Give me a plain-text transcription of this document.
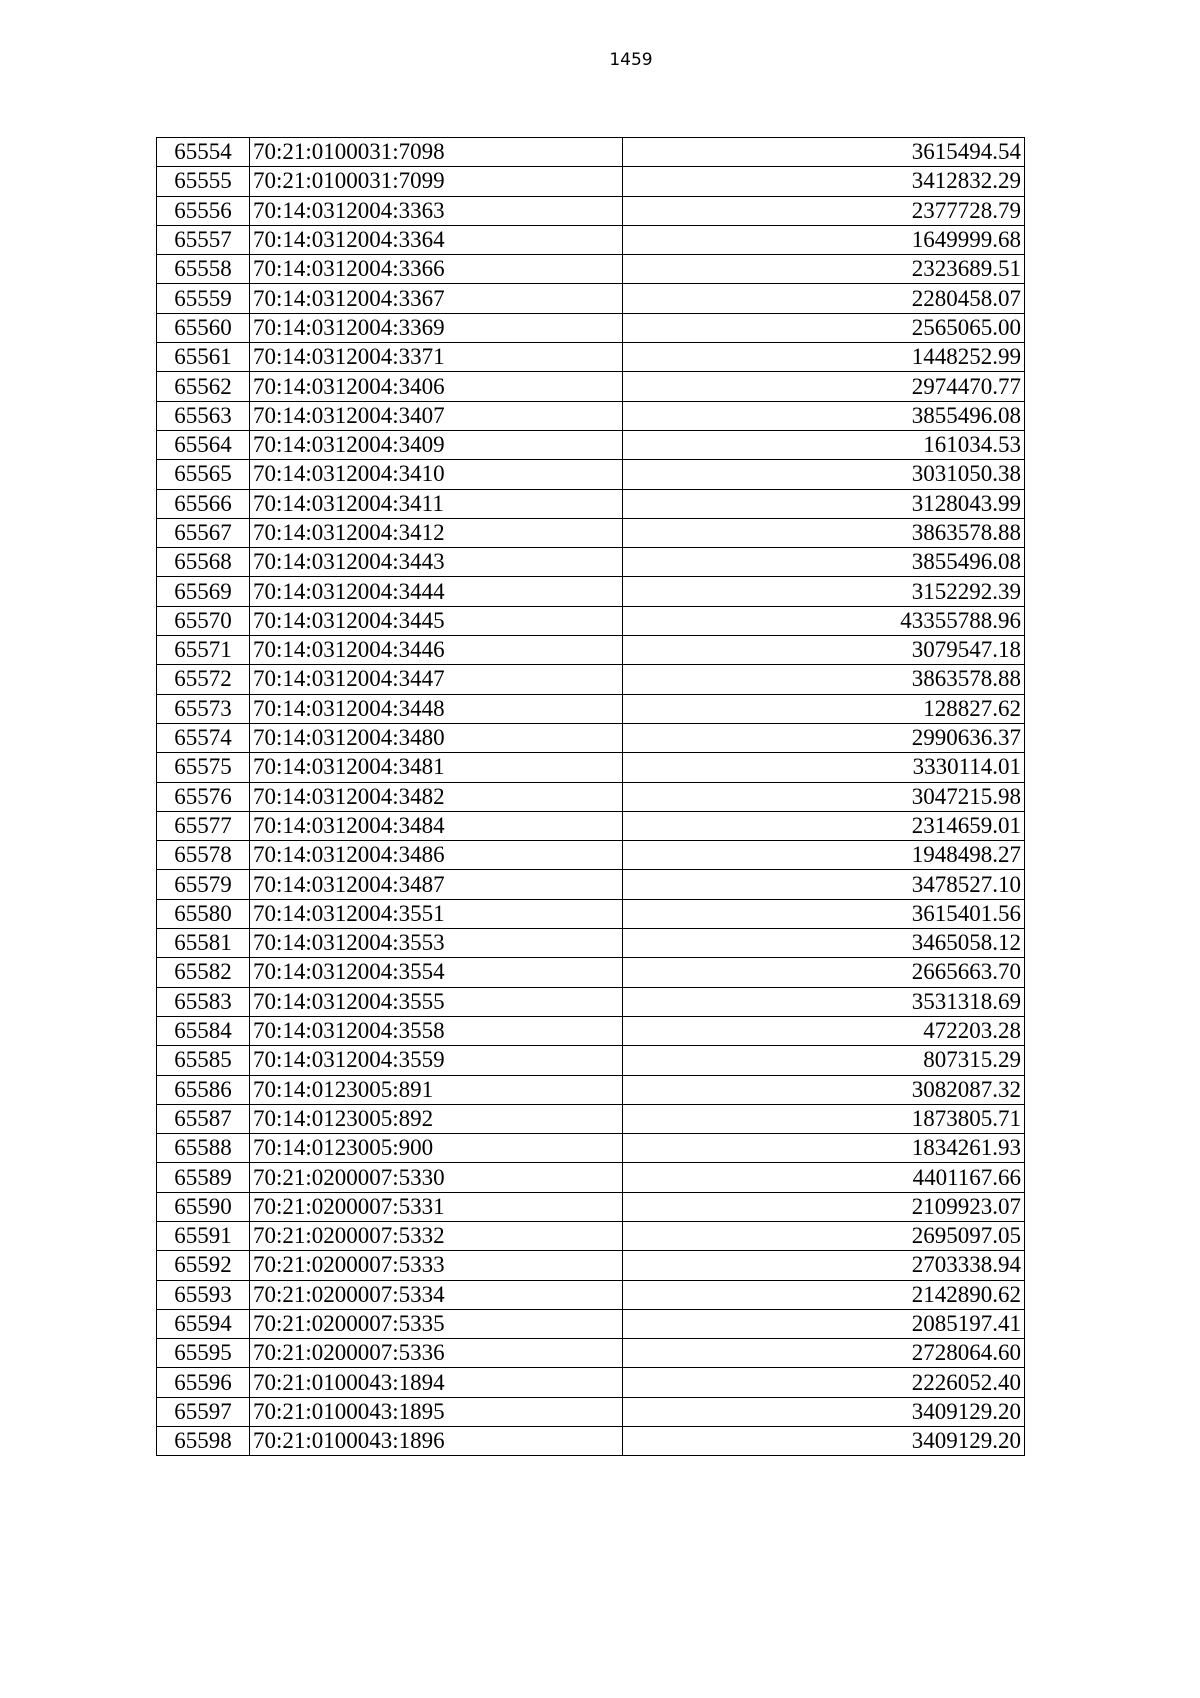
1459
65554	70:21:0100031:7098	3615494.54
65555	70:21:0100031:7099	3412832.29
65556	70:14:0312004:3363	2377728.79
65557	70:14:0312004:3364	1649999.68
65558	70:14:0312004:3366	2323689.51
65559	70:14:0312004:3367	2280458.07
65560	70:14:0312004:3369	2565065.00
65561	70:14:0312004:3371	1448252.99
65562	70:14:0312004:3406	2974470.77
65563	70:14:0312004:3407	3855496.08
65564	70:14:0312004:3409	161034.53
65565	70:14:0312004:3410	3031050.38
65566	70:14:0312004:3411	3128043.99
65567	70:14:0312004:3412	3863578.88
65568	70:14:0312004:3443	3855496.08
65569	70:14:0312004:3444	3152292.39
65570	70:14:0312004:3445	43355788.96
65571	70:14:0312004:3446	3079547.18
65572	70:14:0312004:3447	3863578.88
65573	70:14:0312004:3448	128827.62
65574	70:14:0312004:3480	2990636.37
65575	70:14:0312004:3481	3330114.01
65576	70:14:0312004:3482	3047215.98
65577	70:14:0312004:3484	2314659.01
65578	70:14:0312004:3486	1948498.27
65579	70:14:0312004:3487	3478527.10
65580	70:14:0312004:3551	3615401.56
65581	70:14:0312004:3553	3465058.12
65582	70:14:0312004:3554	2665663.70
65583	70:14:0312004:3555	3531318.69
65584	70:14:0312004:3558	472203.28
65585	70:14:0312004:3559	807315.29
65586	70:14:0123005:891	3082087.32
65587	70:14:0123005:892	1873805.71
65588	70:14:0123005:900	1834261.93
65589	70:21:0200007:5330	4401167.66
65590	70:21:0200007:5331	2109923.07
65591	70:21:0200007:5332	2695097.05
65592	70:21:0200007:5333	2703338.94
65593	70:21:0200007:5334	2142890.62
65594	70:21:0200007:5335	2085197.41
65595	70:21:0200007:5336	2728064.60
65596	70:21:0100043:1894	2226052.40
65597	70:21:0100043:1895	3409129.20
65598	70:21:0100043:1896	3409129.20
